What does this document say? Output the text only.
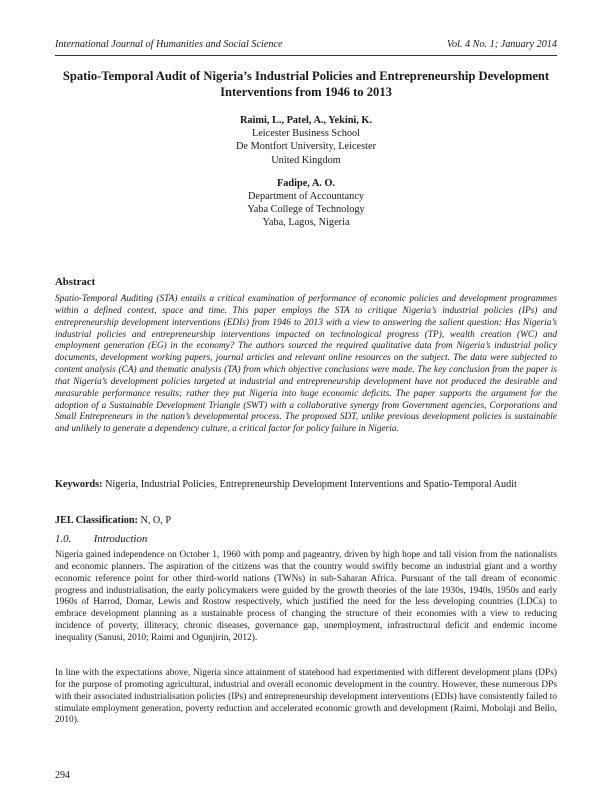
International Journal of Humanities and Social Science	Vol. 4 No. 1; January 2014
Spatio-Temporal Audit of Nigeria’s Industrial Policies and Entrepreneurship Development Interventions from 1946 to 2013
Raimi, L., Patel, A., Yekini, K.
Leicester Business School
De Montfort University, Leicester
United Kingdom
Fadipe, A. O.
Department of Accountancy
Yaba College of Technology
Yaba, Lagos, Nigeria
Abstract
Spatio-Temporal Auditing (STA) entails a critical examination of performance of economic policies and development programmes within a defined context, space and time. This paper employs the STA to critique Nigeria’s industrial policies (IPs) and entrepreneurship development interventions (EDIs) from 1946 to 2013 with a view to answering the salient question: Has Nigeria’s industrial policies and entrepreneurship interventions impacted on technological progress (TP), wealth creation (WC) and employment generation (EG) in the economy? The authors sourced the required qualitative data from Nigeria’s industrial policy documents, development working papers, journal articles and relevant online resources on the subject. The data were subjected to content analysis (CA) and thematic analysis (TA) from which objective conclusions were made. The key conclusion from the paper is that Nigeria’s development policies targeted at industrial and entrepreneurship development have not produced the desirable and measurable performance results; rather they put Nigeria into huge economic deficits. The paper supports the argument for the adoption of a Sustainable Development Triangle (SWT) with a collaborative synergy from Government agencies, Corporations and Small Entrepreneurs in the nation’s developmental process. The proposed SDT, unlike previous development policies is sustainable and unlikely to generate a dependency culture, a critical factor for policy failure in Nigeria.
Keywords: Nigeria, Industrial Policies, Entrepreneurship Development Interventions and Spatio-Temporal Audit
JEL Classification: N, O, P
1.0. Introduction
Nigeria gained independence on October 1, 1960 with pomp and pageantry, driven by high hope and tall vision from the nationalists and economic planners. The aspiration of the citizens was that the country would swiftly become an industrial giant and a worthy economic reference point for other third-world nations (TWNs) in sub-Saharan Africa. Pursuant of the tall dream of economic progress and industrialisation, the early policymakers were guided by the growth theories of the late 1930s, 1940s, 1950s and early 1960s of Harrod, Domar, Lewis and Rostow respectively, which justified the need for the less developing countries (LDCs) to embrace development planning as a sustainable process of changing the structure of their economies with a view to reducing incidence of poverty, illiteracy, chronic diseases, governance gap, unemployment, infrastructural deficit and endemic income inequality (Sanusi, 2010; Raimi and Ogunjirin, 2012).
In line with the expectations above, Nigeria since attainment of statehood had experimented with different development plans (DPs) for the purpose of promoting agricultural, industrial and overall economic development in the country. However, these numerous DPs with their associated industrialisation policies (IPs) and entrepreneurship development interventions (EDIs) have consistently failed to stimulate employment generation, poverty reduction and accelerated economic growth and development (Raimi, Mobolaji and Bello, 2010).
294
